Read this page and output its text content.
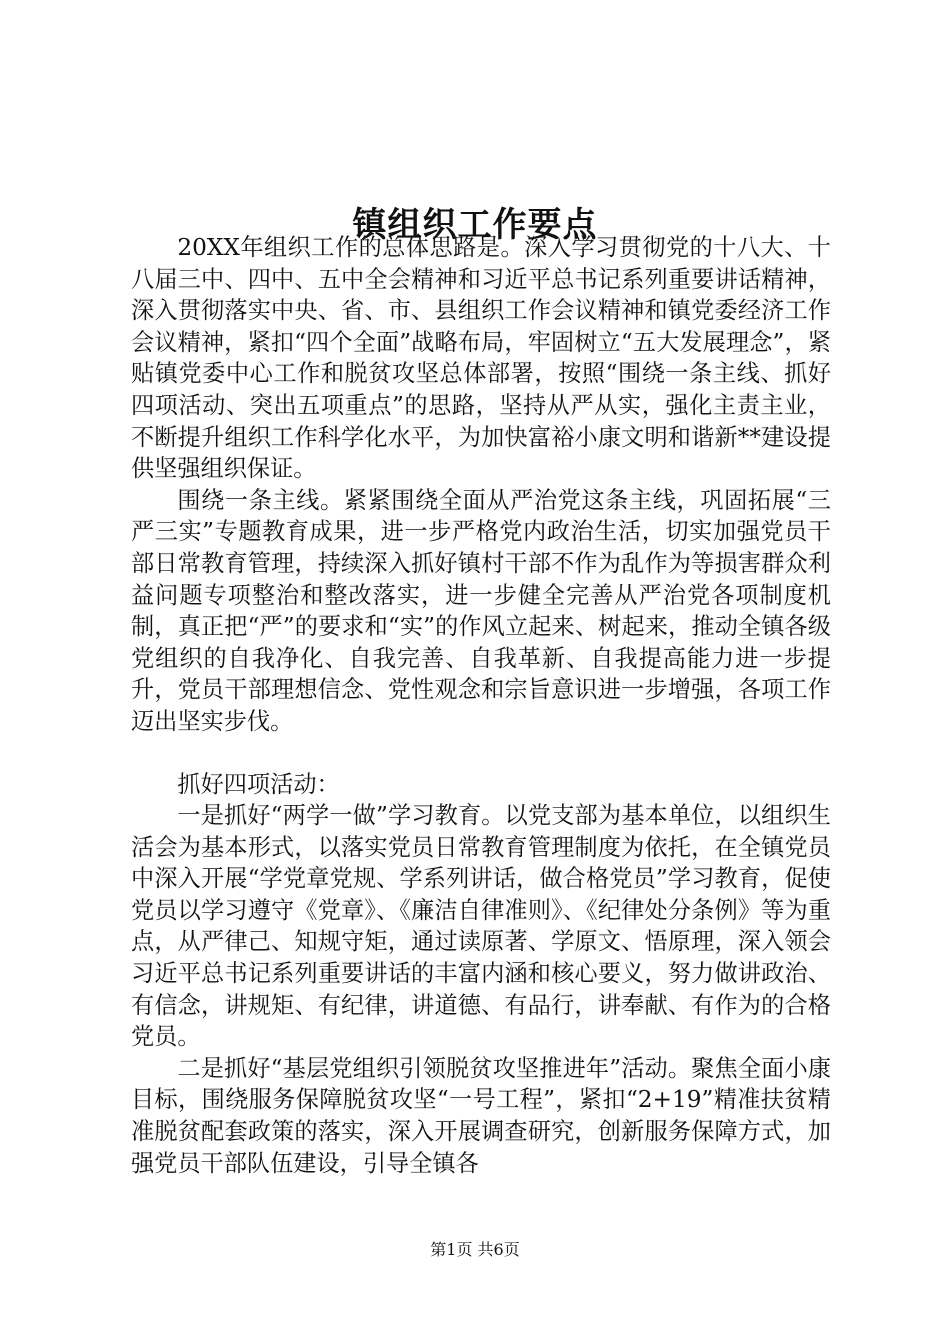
镇组织工作要点

20XX年组织工作的总体思路是。深入学习贯彻党的十八大、十八届三中、四中、五中全会精神和习近平总书记系列重要讲话精神，深入贯彻落实中央、省、市、县组织工作会议精神和镇党委经济工作会议精神，紧扣“四个全面”战略布局，牢固树立“五大发展理念”，紧贴镇党委中心工作和脱贫攻坚总体部署，按照“围绕一条主线、抓好四项活动、突出五项重点”的思路，坚持从严从实，强化主责主业，不断提升组织工作科学化水平，为加快富裕小康文明和谐新**建设提供坚强组织保证。

围绕一条主线。紧紧围绕全面从严治党这条主线，巩固拓展“三严三实”专题教育成果，进一步严格党内政治生活，切实加强党员干部日常教育管理，持续深入抓好镇村干部不作为乱作为等损害群众利益问题专项整治和整改落实，进一步健全完善从严治党各项制度机制，真正把“严”的要求和“实”的作风立起来、树起来，推动全镇各级党组织的自我净化、自我完善、自我革新、自我提高能力进一步提升，党员干部理想信念、党性观念和宗旨意识进一步增强，各项工作迈出坚实步伐。

抓好四项活动：

一是抓好“两学一做”学习教育。以党支部为基本单位，以组织生活会为基本形式，以落实党员日常教育管理制度为依托，在全镇党员中深入开展“学党章党规、学系列讲话，做合格党员”学习教育，促使党员以学习遵守《党章》、《廉洁自律准则》、《纪律处分条例》等为重点，从严律己、知规守矩，通过读原著、学原文、悟原理，深入领会习近平总书记系列重要讲话的丰富内涵和核心要义，努力做讲政治、有信念，讲规矩、有纪律，讲道德、有品行，讲奉献、有作为的合格党员。

二是抓好“基层党组织引领脱贫攻坚推进年”活动。聚焦全面小康目标，围绕服务保障脱贫攻坚“一号工程”，紧扣“2+19”精准扶贫精准脱贫配套政策的落实，深入开展调查研究，创新服务保障方式，加强党员干部队伍建设，引导全镇各

第1页 共6页
